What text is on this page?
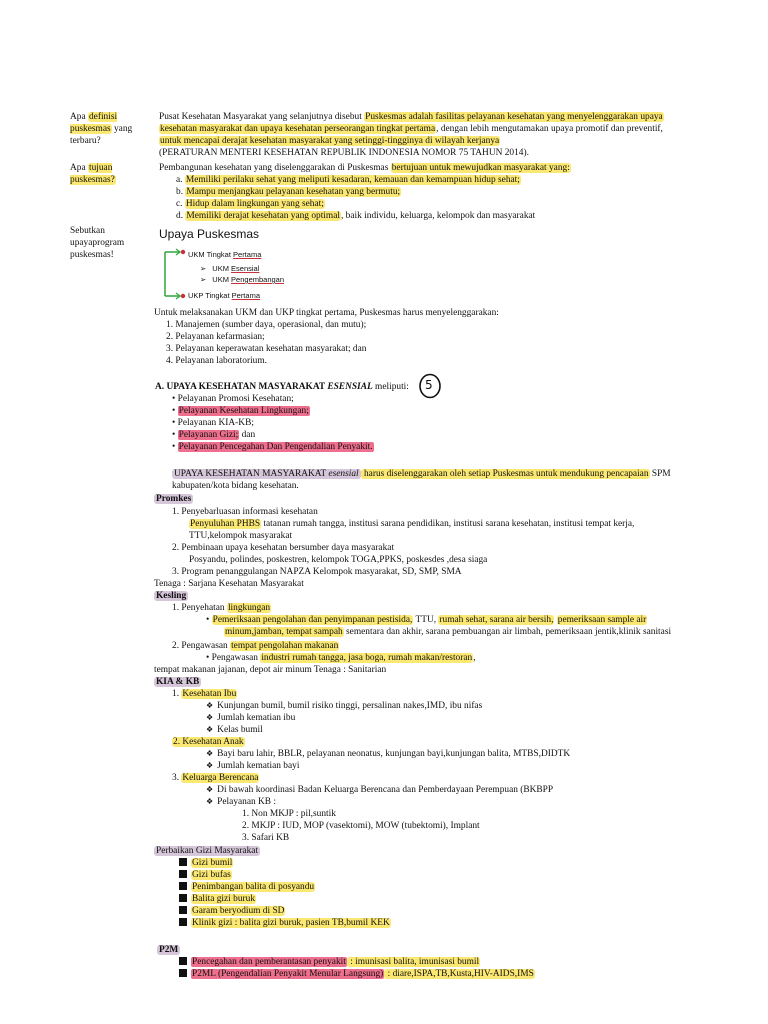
Apa definisi puskesmas yang terbaru?
Apa tujuan puskesmas?
Sebutkan upayaprogram puskesmas!
Pusat Kesehatan Masyarakat yang selanjutnya disebut Puskesmas adalah fasilitas pelayanan kesehatan yang menyelenggarakan upaya
kesehatan masyarakat dan upaya kesehatan perseorangan tingkat pertama, dengan lebih mengutamakan upaya promotif dan preventif,
untuk mencapai derajat kesehatan masyarakat yang setinggi-tingginya di wilayah kerjanya
(PERATURAN MENTERI KESEHATAN REPUBLIK INDONESIA NOMOR 75 TAHUN 2014).
Pembangunan kesehatan yang diselenggarakan di Puskesmas bertujuan untuk mewujudkan masyarakat yang:
a. Memiliki perilaku sehat yang meliputi kesadaran, kemauan dan kemampuan hidup sehat;
b. Mampu menjangkau pelayanan kesehatan yang bermutu;
c. Hidup dalam lingkungan yang sehat;
d. Memiliki derajat kesehatan yang optimal, baik individu, keluarga, kelompok dan masyarakat
Upaya Puskesmas
UKM Tingkat Pertama
➢ UKM Esensial
➢ UKM Pengembangan
UKP Tingkat Pertama
Untuk melaksanakan UKM dan UKP tingkat pertama, Puskesmas harus menyelenggarakan:
1. Manajemen (sumber daya, operasional, dan mutu);
2. Pelayanan kefarmasian;
3. Pelayanan keperawatan kesehatan masyarakat; dan
4. Pelayanan laboratorium.
A. UPAYA KESEHATAN MASYARAKAT ESENSIAL meliputi: 5
• Pelayanan Promosi Kesehatan;
• Pelayanan Kesehatan Lingkungan;
• Pelayanan KIA-KB;
• Pelayanan Gizi; dan
• Pelayanan Pencegahan Dan Pengendalian Penyakit.
UPAYA KESEHATAN MASYARAKAT esensial harus diselenggarakan oleh setiap Puskesmas untuk mendukung pencapaian SPM
kabupaten/kota bidang kesehatan.
Promkes
1. Penyebarluasan informasi kesehatan
Penyuluhan PHBS tatanan rumah tangga, institusi sarana pendidikan, institusi sarana kesehatan, institusi tempat kerja,
TTU,kelompok masyarakat
2. Pembinaan upaya kesehatan bersumber daya masyarakat
Posyandu, polindes, poskestren, kelompok TOGA,PPKS, poskesdes ,desa siaga
3. Program penanggulangan NAPZA Kelompok masyarakat, SD, SMP, SMA
Tenaga : Sarjana Kesehatan Masyarakat
Kesling
1. Penyehatan lingkungan
• Pemeriksaan pengolahan dan penyimpanan pestisida, TTU, rumah sehat, sarana air bersih, pemeriksaan sample air
minum,jamban, tempat sampah sementara dan akhir, sarana pembuangan air limbah, pemeriksaan jentik,klinik sanitasi
2. Pengawasan tempat pengolahan makanan
• Pengawasan industri rumah tangga, jasa boga, rumah makan/restoran,
tempat makanan jajanan, depot air minum Tenaga : Sanitarian
KIA & KB
1. Kesehatan Ibu
❖ Kunjungan bumil, bumil risiko tinggi, persalinan nakes,IMD, ibu nifas
❖ Jumlah kematian ibu
❖ Kelas bumil
2. Kesehatan Anak
❖ Bayi baru lahir, BBLR, pelayanan neonatus, kunjungan bayi,kunjungan balita, MTBS,DIDTK
❖ Jumlah kematian bayi
3. Keluarga Berencana
❖ Di bawah koordinasi Badan Keluarga Berencana dan Pemberdayaan Perempuan (BKBPP
❖ Pelayanan KB :
1. Non MKJP : pil,suntik
2. MKJP : IUD, MOP (vasektomi), MOW (tubektomi), Implant
3. Safari KB
Perbaikan Gizi Masyarakat
Gizi bumil
Gizi bufas
Penimbangan balita di posyandu
Balita gizi buruk
Garam beryodium di SD
Klinik gizi : balita gizi buruk, pasien TB,bumil KEK
P2M
Pencegahan dan pemberantasan penyakit : imunisasi balita, imunisasi bumil
P2ML (Pengendalian Penyakit Menular Langsung) : diare,ISPA,TB,Kusta,HIV-AIDS,IMS
